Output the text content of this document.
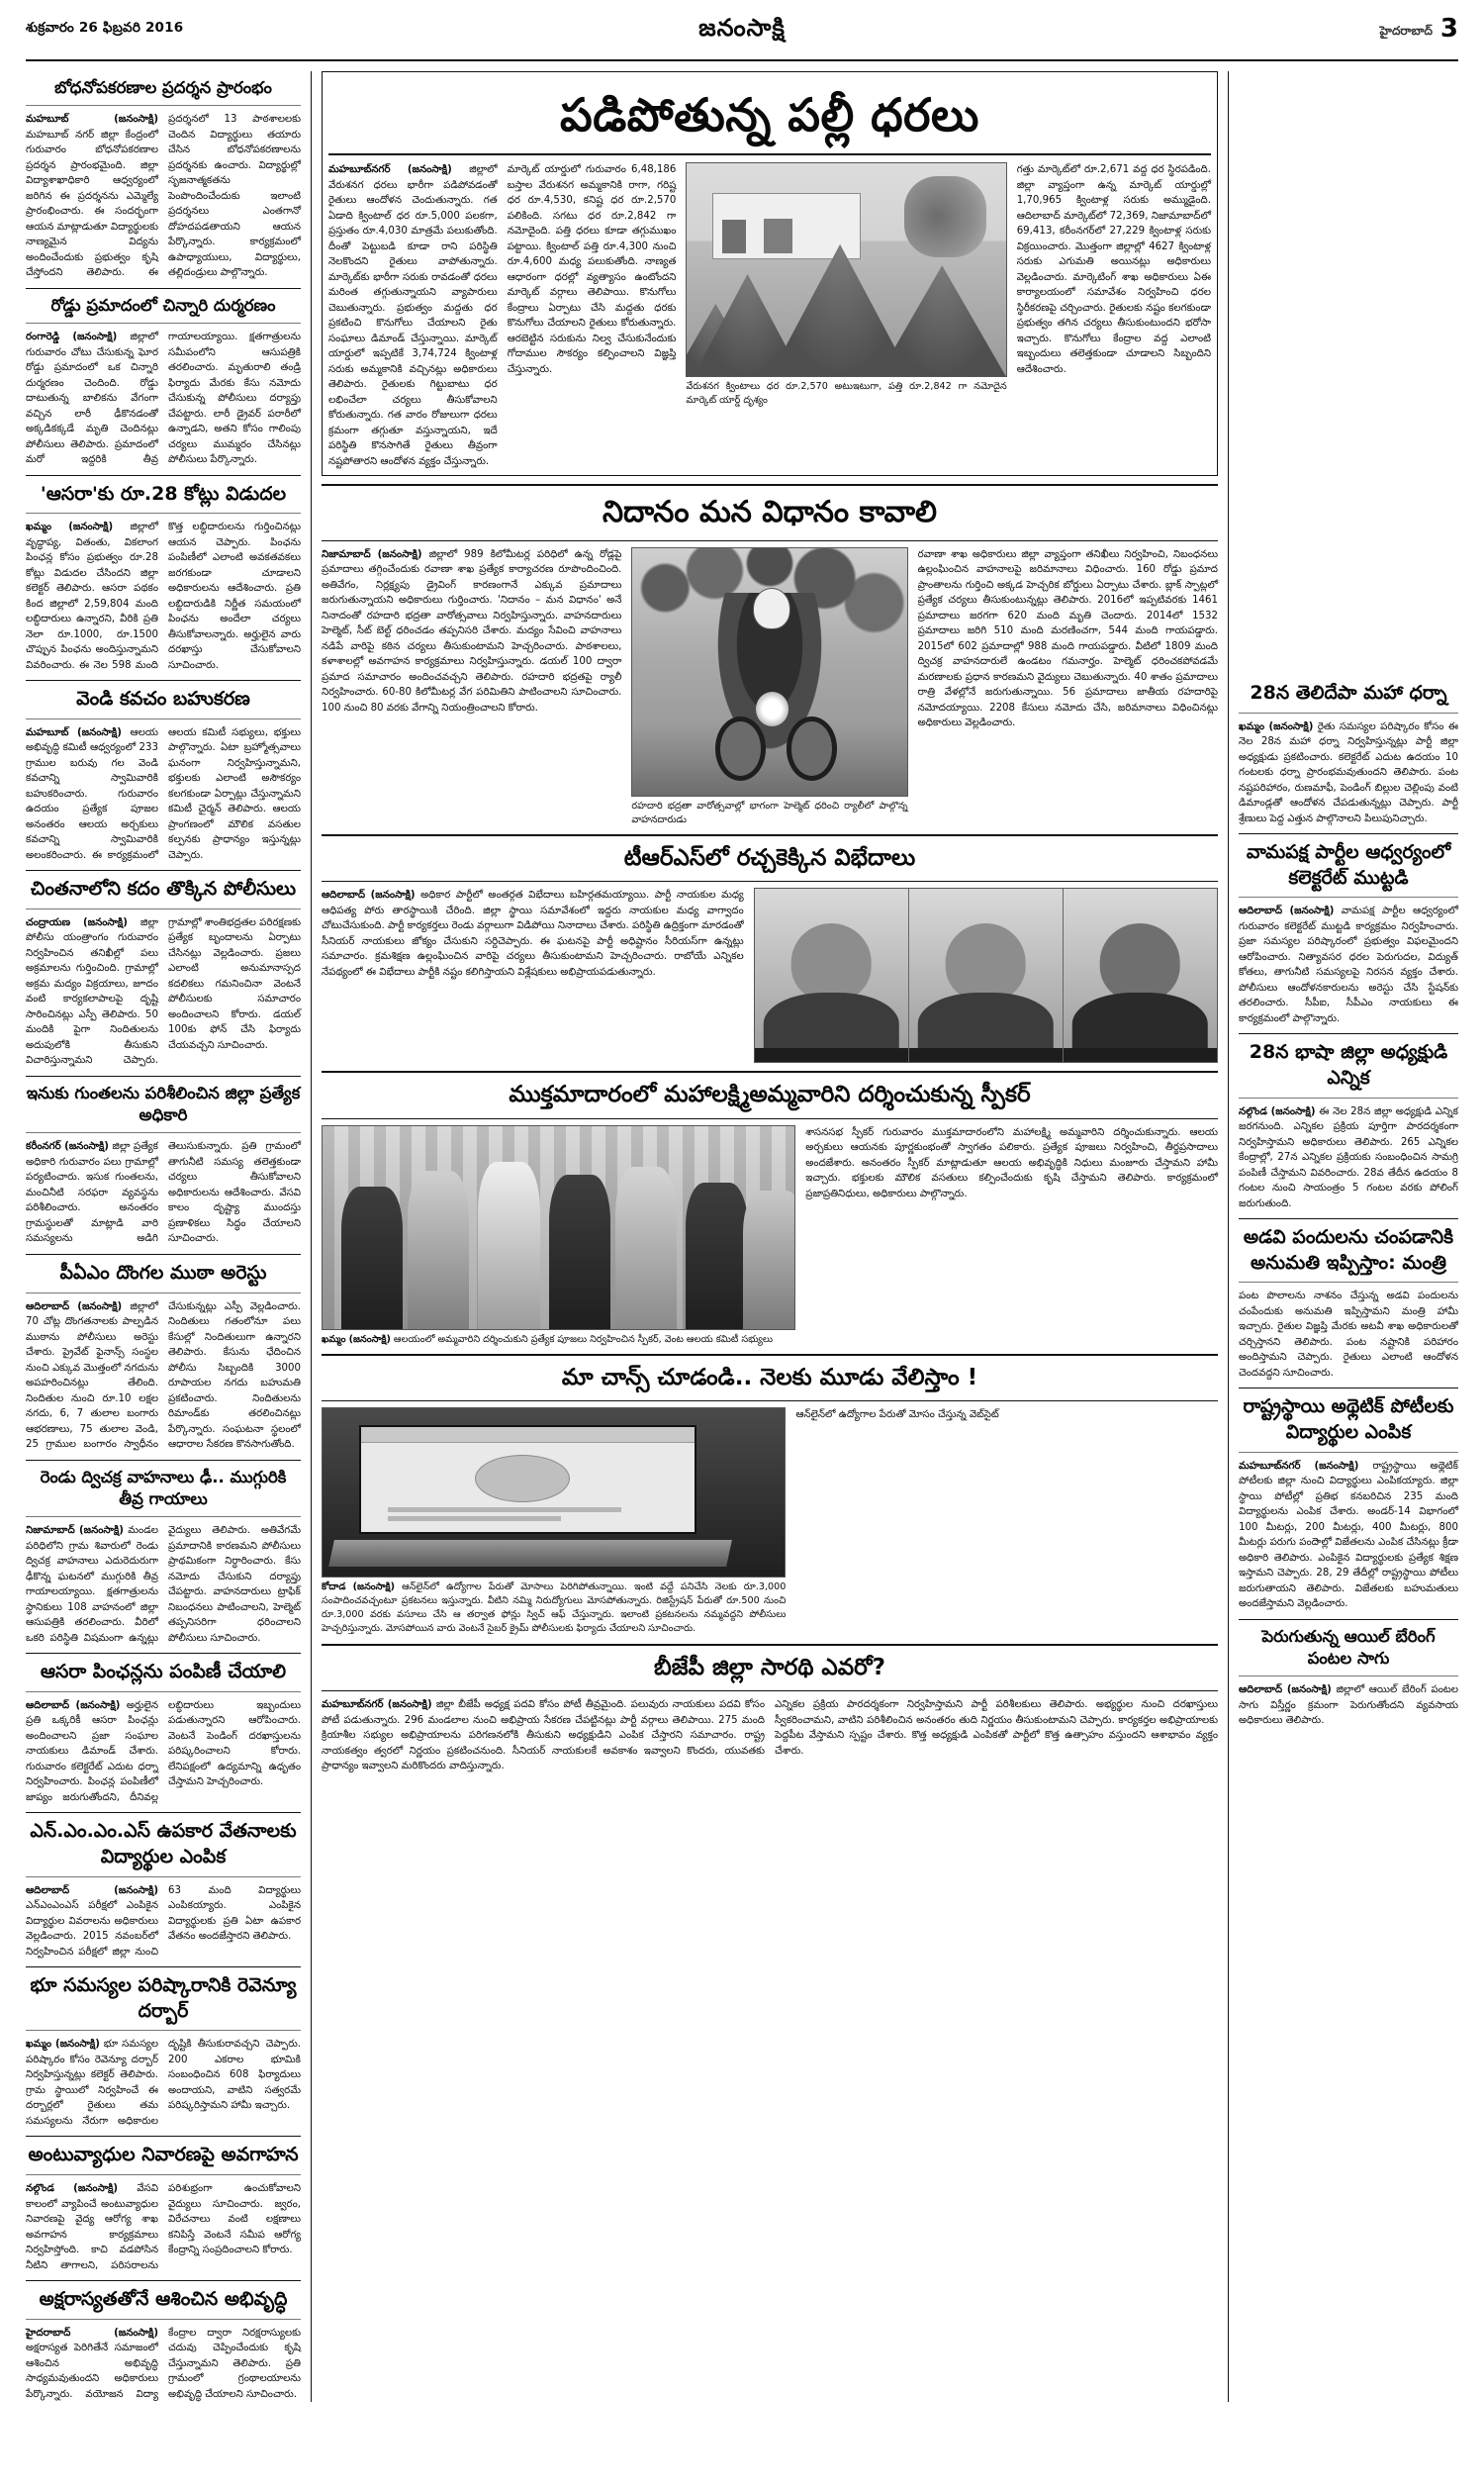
శుక్రవారం 26 ఫిబ్రవరి 2016	జనంసాక్షి	హైదరాబాద్ 3
బోధనోపకరణాల ప్రదర్శన ప్రారంభం
మహబూబ్	(జనంసాక్షి) మహబూబ్ నగర్ జిల్లా కేంద్రంలో గురువారం బోధనోపకరణాల ప్రదర్శన ప్రారంభమైంది. జిల్లా విద్యాశాఖాధికారి ఆధ్వర్యంలో జరిగిన ఈ ప్రదర్శనను ఎమ్మెల్యే ప్రారంభించారు. ఈ సందర్భంగా ఆయన మాట్లాడుతూ విద్యార్థులకు నాణ్యమైన విద్యను అందించేందుకు ప్రభుత్వం కృషి చేస్తోందని తెలిపారు. ఈ ప్రదర్శనలో 13 పాఠశాలలకు చెందిన విద్యార్థులు తయారు చేసిన బోధనోపకరణాలను ప్రదర్శనకు ఉంచారు. విద్యార్థుల్లో సృజనాత్మకతను పెంపొందించేందుకు ఇలాంటి ప్రదర్శనలు ఎంతగానో దోహదపడతాయని ఆయన పేర్కొన్నారు. కార్యక్రమంలో ఉపాధ్యాయులు, విద్యార్థులు, తల్లిదండ్రులు పాల్గొన్నారు.
రోడ్డు ప్రమాదంలో చిన్నారి దుర్మరణం
రంగారెడ్డి (జనంసాక్షి) జిల్లాలో గురువారం చోటు చేసుకున్న ఘోర రోడ్డు ప్రమాదంలో ఒక చిన్నారి దుర్మరణం చెందింది. రోడ్డు దాటుతున్న బాలికను వేగంగా వచ్చిన లారీ ఢీకొనడంతో అక్కడికక్కడే మృతి చెందినట్లు పోలీసులు తెలిపారు. ప్రమాదంలో మరో ఇద్దరికి తీవ్ర గాయాలయ్యాయి. క్షతగాత్రులను సమీపంలోని ఆసుపత్రికి తరలించారు. మృతురాలి తండ్రి ఫిర్యాదు మేరకు కేసు నమోదు చేసుకున్న పోలీసులు దర్యాప్తు చేపట్టారు. లారీ డ్రైవర్ పరారీలో ఉన్నాడని, అతని కోసం గాలింపు చర్యలు ముమ్మరం చేసినట్లు పోలీసులు పేర్కొన్నారు.
'ఆసరా'కు రూ.28 కోట్లు విడుదల
ఖమ్మం (జనంసాక్షి) జిల్లాలో వృద్ధాప్య, వితంతు, వికలాంగ పింఛన్ల కోసం ప్రభుత్వం రూ.28 కోట్లు విడుదల చేసిందని జిల్లా కలెక్టర్ తెలిపారు. ఆసరా పథకం కింద జిల్లాలో 2,59,804 మంది లబ్ధిదారులు ఉన్నారని, వీరికి ప్రతి నెలా రూ.1000, రూ.1500 చొప్పున పింఛను అందిస్తున్నామని వివరించారు. ఈ నెల 598 మంది కొత్త లబ్ధిదారులను గుర్తించినట్లు ఆయన చెప్పారు. పింఛను పంపిణీలో ఎలాంటి అవకతవకలు జరగకుండా చూడాలని అధికారులను ఆదేశించారు. ప్రతి లబ్ధిదారుడికి నిర్ణీత సమయంలో పింఛను అందేలా చర్యలు తీసుకోవాలన్నారు. అర్హులైన వారు దరఖాస్తు చేసుకోవాలని సూచించారు.
వెండి కవచం బహుకరణ
మహబూబ్ (జనంసాక్షి) ఆలయ అభివృద్ధి కమిటీ ఆధ్వర్యంలో 233 గ్రాముల బరువు గల వెండి కవచాన్ని స్వామివారికి బహుకరించారు. గురువారం ఉదయం ప్రత్యేక పూజల అనంతరం ఆలయ అర్చకులు కవచాన్ని స్వామివారికి అలంకరించారు. ఈ కార్యక్రమంలో ఆలయ కమిటీ సభ్యులు, భక్తులు పాల్గొన్నారు. ఏటా బ్రహ్మోత్సవాలు ఘనంగా నిర్వహిస్తున్నామని, భక్తులకు ఎలాంటి అసౌకర్యం కలగకుండా ఏర్పాట్లు చేస్తున్నామని కమిటీ చైర్మన్ తెలిపారు. ఆలయ ప్రాంగణంలో మౌలిక వసతుల కల్పనకు ప్రాధాన్యం ఇస్తున్నట్లు చెప్పారు.
చింతనాలోని కదం తొక్కిన పోలీసులు
చంద్రాయణ (జనంసాక్షి) జిల్లా పోలీసు యంత్రాంగం గురువారం నిర్వహించిన తనిఖీల్లో పలు అక్రమాలను గుర్తించింది. గ్రామాల్లో అక్రమ మద్యం విక్రయాలు, జూదం వంటి కార్యకలాపాలపై దృష్టి సారించినట్లు ఎస్పీ తెలిపారు. 50 మందికి పైగా నిందితులను అదుపులోకి తీసుకుని విచారిస్తున్నామని చెప్పారు. గ్రామాల్లో శాంతిభద్రతల పరిరక్షణకు ప్రత్యేక బృందాలను ఏర్పాటు చేసినట్లు వెల్లడించారు. ప్రజలు ఎలాంటి అనుమానాస్పద కదలికలు గమనించినా వెంటనే పోలీసులకు సమాచారం అందించాలని కోరారు. డయల్ 100కు ఫోన్ చేసి ఫిర్యాదు చేయవచ్చని సూచించారు.
ఇనుకు గుంతలను పరిశీలించిన జిల్లా ప్రత్యేక అధికారి
కరీంనగర్ (జనంసాక్షి) జిల్లా ప్రత్యేక అధికారి గురువారం పలు గ్రామాల్లో పర్యటించారు. ఇసుక గుంతలను, మంచినీటి సరఫరా వ్యవస్థను పరిశీలించారు. అనంతరం గ్రామస్థులతో మాట్లాడి వారి సమస్యలను అడిగి తెలుసుకున్నారు. ప్రతి గ్రామంలో తాగునీటి సమస్య తలెత్తకుండా చర్యలు తీసుకోవాలని అధికారులను ఆదేశించారు. వేసవి కాలం దృష్ట్యా ముందస్తు ప్రణాళికలు సిద్ధం చేయాలని సూచించారు.
పీఏఎం దొంగల ముఠా అరెస్టు
ఆదిలాబాద్ (జనంసాక్షి) జిల్లాలో 70 చోట్ల దొంగతనాలకు పాల్పడిన ముఠాను పోలీసులు అరెస్టు చేశారు. ప్రైవేట్ ఫైనాన్స్ సంస్థల నుంచి ఎక్కువ మొత్తంలో నగదును అపహరించినట్లు తేలింది. నిందితుల నుంచి రూ.10 లక్షల నగదు, 6, 7 తులాల బంగారు ఆభరణాలు, 75 తులాల వెండి, 25 గ్రాముల బంగారం స్వాధీనం చేసుకున్నట్లు ఎస్పీ వెల్లడించారు. నిందితులు గతంలోనూ పలు కేసుల్లో నిందితులుగా ఉన్నారని తెలిపారు. కేసును ఛేదించిన పోలీసు సిబ్బందికి 3000 రూపాయల నగదు బహుమతి ప్రకటించారు. నిందితులను రిమాండ్‌కు తరలించినట్లు పేర్కొన్నారు. సంఘటనా స్థలంలో ఆధారాల సేకరణ కొనసాగుతోంది.
రెండు ద్విచక్ర వాహనాలు ఢీ.. ముగ్గురికి తీవ్ర గాయాలు
నిజామాబాద్ (జనంసాక్షి) మండల పరిధిలోని గ్రామ శివారులో రెండు ద్విచక్ర వాహనాలు ఎదురెదురుగా ఢీకొన్న ఘటనలో ముగ్గురికి తీవ్ర గాయాలయ్యాయి. క్షతగాత్రులను స్థానికులు 108 వాహనంలో జిల్లా ఆసుపత్రికి తరలించారు. వీరిలో ఒకరి పరిస్థితి విషమంగా ఉన్నట్లు వైద్యులు తెలిపారు. అతివేగమే ప్రమాదానికి కారణమని పోలీసులు ప్రాథమికంగా నిర్ధారించారు. కేసు నమోదు చేసుకుని దర్యాప్తు చేపట్టారు. వాహనదారులు ట్రాఫిక్ నిబంధనలు పాటించాలని, హెల్మెట్ తప్పనిసరిగా ధరించాలని పోలీసులు సూచించారు.
ఆసరా పింఛన్లను పంపిణీ చేయాలి
ఆదిలాబాద్ (జనంసాక్షి) అర్హులైన ప్రతి ఒక్కరికీ ఆసరా పింఛన్లు అందించాలని ప్రజా సంఘాల నాయకులు డిమాండ్ చేశారు. గురువారం కలెక్టరేట్ ఎదుట ధర్నా నిర్వహించారు. పింఛన్ల పంపిణీలో జాప్యం జరుగుతోందని, దీనివల్ల లబ్ధిదారులు ఇబ్బందులు పడుతున్నారని ఆరోపించారు. వెంటనే పెండింగ్ దరఖాస్తులను పరిష్కరించాలని కోరారు. లేనిపక్షంలో ఉద్యమాన్ని ఉధృతం చేస్తామని హెచ్చరించారు.
ఎన్.ఎం.ఎం.ఎస్ ఉపకార వేతనాలకు విద్యార్థుల ఎంపిక
ఆదిలాబాద్	(జనంసాక్షి) ఎన్‌ఎంఎంఎస్ పరీక్షలో ఎంపికైన విద్యార్థుల వివరాలను అధికారులు వెల్లడించారు. 2015 నవంబర్‌లో నిర్వహించిన పరీక్షలో జిల్లా నుంచి 63 మంది విద్యార్థులు ఎంపికయ్యారు. ఎంపికైన విద్యార్థులకు ప్రతి ఏటా ఉపకార వేతనం అందజేస్తారని తెలిపారు.
భూ సమస్యల పరిష్కారానికి రెవెన్యూ దర్బార్
ఖమ్మం (జనంసాక్షి) భూ సమస్యల పరిష్కారం కోసం రెవెన్యూ దర్బార్ నిర్వహిస్తున్నట్లు కలెక్టర్ తెలిపారు. గ్రామ స్థాయిలో నిర్వహించే ఈ దర్బార్లలో రైతులు తమ సమస్యలను నేరుగా అధికారుల దృష్టికి తీసుకురావచ్చని చెప్పారు. 200 ఎకరాల భూమికి సంబంధించిన 608 ఫిర్యాదులు అందాయని, వాటిని సత్వరమే పరిష్కరిస్తామని హామీ ఇచ్చారు.
అంటువ్యాధుల నివారణపై అవగాహన
నల్గొండ (జనంసాక్షి) వేసవి కాలంలో వ్యాపించే అంటువ్యాధుల నివారణపై వైద్య ఆరోగ్య శాఖ అవగాహన కార్యక్రమాలు నిర్వహిస్తోంది. కాచి వడపోసిన నీటిని తాగాలని, పరిసరాలను పరిశుభ్రంగా ఉంచుకోవాలని వైద్యులు సూచించారు. జ్వరం, విరేచనాలు వంటి లక్షణాలు కనిపిస్తే వెంటనే సమీప ఆరోగ్య కేంద్రాన్ని సంప్రదించాలని కోరారు.
అక్షరాస్యతతోనే ఆశించిన అభివృద్ధి
హైదరాబాద్	(జనంసాక్షి) అక్షరాస్యత పెరిగితేనే సమాజంలో ఆశించిన అభివృద్ధి సాధ్యమవుతుందని అధికారులు పేర్కొన్నారు. వయోజన విద్యా కేంద్రాల ద్వారా నిరక్షరాస్యులకు చదువు చెప్పించేందుకు కృషి చేస్తున్నామని తెలిపారు. ప్రతి గ్రామంలో గ్రంథాలయాలను అభివృద్ధి చేయాలని సూచించారు.
పడిపోతున్న పల్లీ ధరలు
మహబూబ్‌నగర్ (జనంసాక్షి) జిల్లాలో వేరుశనగ ధరలు భారీగా పడిపోవడంతో రైతులు ఆందోళన చెందుతున్నారు. గత ఏడాది క్వింటాల్ ధర రూ.5,000 పలకగా, ప్రస్తుతం రూ.4,030 మాత్రమే పలుకుతోంది. దీంతో పెట్టుబడి కూడా రాని పరిస్థితి నెలకొందని రైతులు వాపోతున్నారు. మార్కెట్‌కు భారీగా సరుకు రావడంతో ధరలు మరింత తగ్గుతున్నాయని వ్యాపారులు చెబుతున్నారు. ప్రభుత్వం మద్దతు ధర ప్రకటించి కొనుగోలు చేయాలని రైతు సంఘాలు డిమాండ్ చేస్తున్నాయి. మార్కెట్ యార్డులో ఇప్పటికే 3,74,724 క్వింటాళ్ల సరుకు అమ్మకానికి వచ్చినట్లు అధికారులు తెలిపారు. రైతులకు గిట్టుబాటు ధర లభించేలా చర్యలు తీసుకోవాలని కోరుతున్నారు. గత వారం రోజులుగా ధరలు క్రమంగా తగ్గుతూ వస్తున్నాయని, ఇదే పరిస్థితి కొనసాగితే రైతులు తీవ్రంగా నష్టపోతారని ఆందోళన వ్యక్తం చేస్తున్నారు.
మార్కెట్ యార్డులో గురువారం 6,48,186 బస్తాల వేరుశనగ అమ్మకానికి రాగా, గరిష్ట ధర రూ.4,530, కనిష్ట ధర రూ.2,570 పలికింది. సగటు ధర రూ.2,842 గా నమోదైంది. పత్తి ధరలు కూడా తగ్గుముఖం పట్టాయి. క్వింటాల్ పత్తి రూ.4,300 నుంచి రూ.4,600 మధ్య పలుకుతోంది. నాణ్యత ఆధారంగా ధరల్లో వ్యత్యాసం ఉంటోందని మార్కెట్ వర్గాలు తెలిపాయి. కొనుగోలు కేంద్రాలు ఏర్పాటు చేసి మద్దతు ధరకు కొనుగోలు చేయాలని రైతులు కోరుతున్నారు. ఆరబెట్టిన సరుకును నిల్వ చేసుకునేందుకు గోదాముల సౌకర్యం కల్పించాలని విజ్ఞప్తి చేస్తున్నారు.
వేరుశనగ క్వింటాలు ధర రూ.2,570 అటుఇటుగా, పత్తి రూ.2,842 గా నమోదైన మార్కెట్ యార్డ్ దృశ్యం
గత్తు మార్కెట్‌లో రూ.2,671 వద్ద ధర స్థిరపడింది. జిల్లా వ్యాప్తంగా ఉన్న మార్కెట్ యార్డుల్లో 1,70,965 క్వింటాళ్ల సరుకు అమ్ముడైంది. ఆదిలాబాద్ మార్కెట్‌లో 72,369, నిజామాబాద్‌లో 69,413, కరీంనగర్‌లో 27,229 క్వింటాళ్ల సరుకు విక్రయించారు. మొత్తంగా జిల్లాల్లో 4627 క్వింటాళ్ల సరుకు ఎగుమతి అయినట్లు అధికారులు వెల్లడించారు. మార్కెటింగ్ శాఖ అధికారులు ఏఈ కార్యాలయంలో సమావేశం నిర్వహించి ధరల స్థిరీకరణపై చర్చించారు. రైతులకు నష్టం కలగకుండా ప్రభుత్వం తగిన చర్యలు తీసుకుంటుందని భరోసా ఇచ్చారు. కొనుగోలు కేంద్రాల వద్ద ఎలాంటి ఇబ్బందులు తలెత్తకుండా చూడాలని సిబ్బందిని ఆదేశించారు.
నిదానం మన విధానం కావాలి
నిజామాబాద్ (జనంసాక్షి) జిల్లాలో 989 కిలోమీటర్ల పరిధిలో ఉన్న రోడ్లపై ప్రమాదాలు తగ్గించేందుకు రవాణా శాఖ ప్రత్యేక కార్యాచరణ రూపొందించింది. అతివేగం, నిర్లక్ష్యపు డ్రైవింగ్ కారణంగానే ఎక్కువ ప్రమాదాలు జరుగుతున్నాయని అధికారులు గుర్తించారు. 'నిదానం – మన విధానం' అనే నినాదంతో రహదారి భద్రతా వారోత్సవాలు నిర్వహిస్తున్నారు. వాహనదారులు హెల్మెట్, సీట్ బెల్ట్ ధరించడం తప్పనిసరి చేశారు. మద్యం సేవించి వాహనాలు నడిపే వారిపై కఠిన చర్యలు తీసుకుంటామని హెచ్చరించారు. పాఠశాలలు, కళాశాలల్లో అవగాహన కార్యక్రమాలు నిర్వహిస్తున్నారు. డయల్ 100 ద్వారా ప్రమాద సమాచారం అందించవచ్చని తెలిపారు. రహదారి భద్రతపై ర్యాలీ నిర్వహించారు. 60-80 కిలోమీటర్ల వేగ పరిమితిని పాటించాలని సూచించారు. 100 నుంచి 80 వరకు వేగాన్ని నియంత్రించాలని కోరారు.
రహదారి భద్రతా వారోత్సవాల్లో భాగంగా హెల్మెట్ ధరించి ర్యాలీలో పాల్గొన్న వాహనదారుడు
రవాణా శాఖ అధికారులు జిల్లా వ్యాప్తంగా తనిఖీలు నిర్వహించి, నిబంధనలు ఉల్లంఘించిన వాహనాలపై జరిమానాలు విధించారు. 160 రోడ్డు ప్రమాద ప్రాంతాలను గుర్తించి అక్కడ హెచ్చరిక బోర్డులు ఏర్పాటు చేశారు. బ్లాక్ స్పాట్లలో ప్రత్యేక చర్యలు తీసుకుంటున్నట్లు తెలిపారు. 2016లో ఇప్పటివరకు 1461 ప్రమాదాలు జరగగా 620 మంది మృతి చెందారు. 2014లో 1532 ప్రమాదాలు జరిగి 510 మంది మరణించగా, 544 మంది గాయపడ్డారు. 2015లో 602 ప్రమాదాల్లో 988 మంది గాయపడ్డారు. వీటిలో 1809 మంది ద్విచక్ర వాహనదారులే ఉండటం గమనార్హం. హెల్మెట్ ధరించకపోవడమే మరణాలకు ప్రధాన కారణమని వైద్యులు చెబుతున్నారు. 40 శాతం ప్రమాదాలు రాత్రి వేళల్లోనే జరుగుతున్నాయి. 56 ప్రమాదాలు జాతీయ రహదారిపై నమోదయ్యాయి. 2208 కేసులు నమోదు చేసి, జరిమానాలు విధించినట్లు అధికారులు వెల్లడించారు.
టీఆర్ఎస్‌లో రచ్చకెక్కిన విభేదాలు
ఆదిలాబాద్ (జనంసాక్షి) అధికార పార్టీలో అంతర్గత విభేదాలు బహిర్గతమయ్యాయి. పార్టీ నాయకుల మధ్య ఆధిపత్య పోరు తారస్థాయికి చేరింది. జిల్లా స్థాయి సమావేశంలో ఇద్దరు నాయకుల మధ్య వాగ్వాదం చోటుచేసుకుంది. పార్టీ కార్యకర్తలు రెండు వర్గాలుగా విడిపోయి నినాదాలు చేశారు. పరిస్థితి ఉద్రిక్తంగా మారడంతో సీనియర్ నాయకులు జోక్యం చేసుకుని సర్దిచెప్పారు. ఈ ఘటనపై పార్టీ అధిష్టానం సీరియస్‌గా ఉన్నట్లు సమాచారం. క్రమశిక్షణ ఉల్లంఘించిన వారిపై చర్యలు తీసుకుంటామని హెచ్చరించారు. రాబోయే ఎన్నికల నేపథ్యంలో ఈ విభేదాలు పార్టీకి నష్టం కలిగిస్తాయని విశ్లేషకులు అభిప్రాయపడుతున్నారు.
ముక్తమాదారంలో మహాలక్ష్మిఅమ్మవారిని దర్శించుకున్న స్పీకర్
ఖమ్మం (జనంసాక్షి) ఆలయంలో అమ్మవారిని దర్శించుకుని ప్రత్యేక పూజలు నిర్వహించిన స్పీకర్, వెంట ఆలయ కమిటీ సభ్యులు
శాసనసభ స్పీకర్ గురువారం ముక్తమాదారంలోని మహాలక్ష్మి అమ్మవారిని దర్శించుకున్నారు. ఆలయ అర్చకులు ఆయనకు పూర్ణకుంభంతో స్వాగతం పలికారు. ప్రత్యేక పూజలు నిర్వహించి, తీర్థప్రసాదాలు అందజేశారు. అనంతరం స్పీకర్ మాట్లాడుతూ ఆలయ అభివృద్ధికి నిధులు మంజూరు చేస్తామని హామీ ఇచ్చారు. భక్తులకు మౌలిక వసతులు కల్పించేందుకు కృషి చేస్తామని తెలిపారు. కార్యక్రమంలో ప్రజాప్రతినిధులు, అధికారులు పాల్గొన్నారు.
మా చాన్స్ చూడండి.. నెలకు మూడు వేలిస్తాం !
కోదాడ (జనంసాక్షి) ఆన్‌లైన్‌లో ఉద్యోగాల పేరుతో మోసాలు పెరిగిపోతున్నాయి. ఇంటి వద్దే పనిచేసి నెలకు రూ.3,000 సంపాదించవచ్చంటూ ప్రకటనలు ఇస్తున్నారు. వీటిని నమ్మి నిరుద్యోగులు మోసపోతున్నారు. రిజిస్ట్రేషన్ పేరుతో రూ.500 నుంచి రూ.3,000 వరకు వసూలు చేసి ఆ తర్వాత ఫోన్లు స్విచ్ ఆఫ్ చేస్తున్నారు. ఇలాంటి ప్రకటనలను నమ్మవద్దని పోలీసులు హెచ్చరిస్తున్నారు. మోసపోయిన వారు వెంటనే సైబర్ క్రైమ్ పోలీసులకు ఫిర్యాదు చేయాలని సూచించారు.
ఆన్‌లైన్‌లో ఉద్యోగాల పేరుతో మోసం చేస్తున్న వెబ్‌సైట్
బీజేపీ జిల్లా సారథి ఎవరో?
మహబూబ్‌నగర్ (జనంసాక్షి) జిల్లా బీజేపీ అధ్యక్ష పదవి కోసం పోటీ తీవ్రమైంది. పలువురు నాయకులు పదవి కోసం పోటీ పడుతున్నారు. 296 మండలాల నుంచి అభిప్రాయ సేకరణ చేపట్టినట్లు పార్టీ వర్గాలు తెలిపాయి. 275 మంది క్రియాశీల సభ్యుల అభిప్రాయాలను పరిగణనలోకి తీసుకుని అధ్యక్షుడిని ఎంపిక చేస్తారని సమాచారం. రాష్ట్ర నాయకత్వం త్వరలో నిర్ణయం ప్రకటించనుంది. సీనియర్ నాయకులకే అవకాశం ఇవ్వాలని కొందరు, యువతకు ప్రాధాన్యం ఇవ్వాలని మరికొందరు వాదిస్తున్నారు.
ఎన్నికల ప్రక్రియ పారదర్శకంగా నిర్వహిస్తామని పార్టీ పరిశీలకులు తెలిపారు. అభ్యర్థుల నుంచి దరఖాస్తులు స్వీకరించామని, వాటిని పరిశీలించిన అనంతరం తుది నిర్ణయం తీసుకుంటామని చెప్పారు. కార్యకర్తల అభిప్రాయాలకు పెద్దపీట వేస్తామని స్పష్టం చేశారు. కొత్త అధ్యక్షుడి ఎంపికతో పార్టీలో కొత్త ఉత్సాహం వస్తుందని ఆశాభావం వ్యక్తం చేశారు.
28న తెలిదేపా మహా ధర్నా
ఖమ్మం (జనంసాక్షి) రైతు సమస్యల పరిష్కారం కోసం ఈ నెల 28న మహా ధర్నా నిర్వహిస్తున్నట్లు పార్టీ జిల్లా అధ్యక్షుడు ప్రకటించారు. కలెక్టరేట్ ఎదుట ఉదయం 10 గంటలకు ధర్నా ప్రారంభమవుతుందని తెలిపారు. పంట నష్టపరిహారం, రుణమాఫీ, పెండింగ్ బిల్లుల చెల్లింపు వంటి డిమాండ్లతో ఆందోళన చేపడుతున్నట్లు చెప్పారు. పార్టీ శ్రేణులు పెద్ద ఎత్తున పాల్గొనాలని పిలుపునిచ్చారు.
వామపక్ష పార్టీల ఆధ్వర్యంలో కలెక్టరేట్ ముట్టడి
ఆదిలాబాద్ (జనంసాక్షి) వామపక్ష పార్టీల ఆధ్వర్యంలో గురువారం కలెక్టరేట్ ముట్టడి కార్యక్రమం నిర్వహించారు. ప్రజా సమస్యల పరిష్కారంలో ప్రభుత్వం విఫలమైందని ఆరోపించారు. నిత్యావసర ధరల పెరుగుదల, విద్యుత్ కోతలు, తాగునీటి సమస్యలపై నిరసన వ్యక్తం చేశారు. పోలీసులు ఆందోళనకారులను అరెస్టు చేసి స్టేషన్‌కు తరలించారు. సీపీఐ, సీపీఎం నాయకులు ఈ కార్యక్రమంలో పాల్గొన్నారు.
28న భాషా జిల్లా అధ్యక్షుడి ఎన్నిక
నల్గొండ (జనంసాక్షి) ఈ నెల 28న జిల్లా అధ్యక్షుడి ఎన్నిక జరగనుంది. ఎన్నికల ప్రక్రియ పూర్తిగా పారదర్శకంగా నిర్వహిస్తామని అధికారులు తెలిపారు. 265 ఎన్నికల కేంద్రాల్లో, 27న ఎన్నికల ప్రక్రియకు సంబంధించిన సామగ్రి పంపిణీ చేస్తామని వివరించారు. 28వ తేదీన ఉదయం 8 గంటల నుంచి సాయంత్రం 5 గంటల వరకు పోలింగ్ జరుగుతుంది.
అడవి పందులను చంపడానికి అనుమతి ఇప్పిస్తాం: మంత్రి
పంట పొలాలను నాశనం చేస్తున్న అడవి పందులను చంపేందుకు అనుమతి ఇప్పిస్తామని మంత్రి హామీ ఇచ్చారు. రైతుల విజ్ఞప్తి మేరకు అటవీ శాఖ అధికారులతో చర్చిస్తానని తెలిపారు. పంట నష్టానికి పరిహారం అందిస్తామని చెప్పారు. రైతులు ఎలాంటి ఆందోళన చెందవద్దని సూచించారు.
రాష్ట్రస్థాయి అథ్లెటిక్ పోటీలకు విద్యార్థుల ఎంపిక
మహబూబ్‌నగర్ (జనంసాక్షి) రాష్ట్రస్థాయి అథ్లెటిక్ పోటీలకు జిల్లా నుంచి విద్యార్థులు ఎంపికయ్యారు. జిల్లా స్థాయి పోటీల్లో ప్రతిభ కనబరిచిన 235 మంది విద్యార్థులను ఎంపిక చేశారు. అండర్-14 విభాగంలో 100 మీటర్లు, 200 మీటర్లు, 400 మీటర్లు, 800 మీటర్లు పరుగు పందెాల్లో విజేతలను ఎంపిక చేసినట్లు క్రీడా అధికారి తెలిపారు. ఎంపికైన విద్యార్థులకు ప్రత్యేక శిక్షణ ఇస్తామని చెప్పారు. 28, 29 తేదీల్లో రాష్ట్రస్థాయి పోటీలు జరుగుతాయని తెలిపారు. విజేతలకు బహుమతులు అందజేస్తామని వెల్లడించారు.
పెరుగుతున్న ఆయిల్ బేరింగ్ పంటల సాగు
ఆదిలాబాద్ (జనంసాక్షి) జిల్లాలో ఆయిల్ బేరింగ్ పంటల సాగు విస్తీర్ణం క్రమంగా పెరుగుతోందని వ్యవసాయ అధికారులు తెలిపారు.
